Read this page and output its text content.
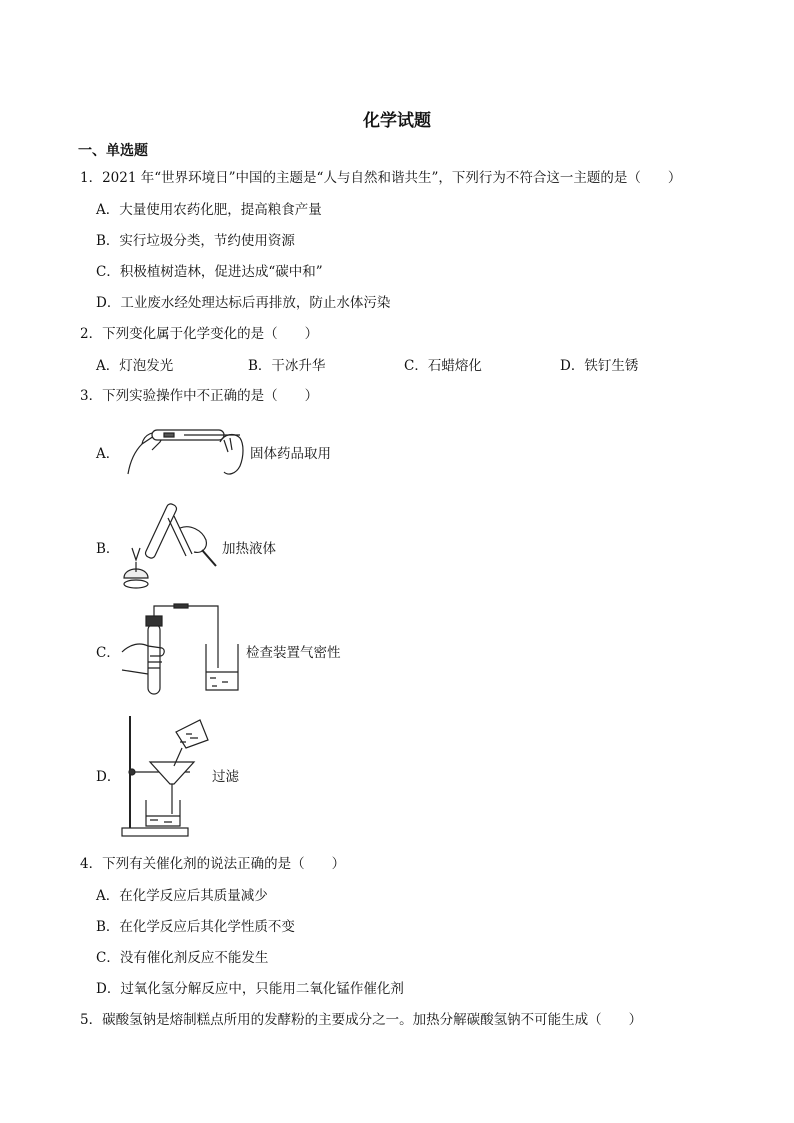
化学试题
一、单选题
1．2021 年“世界环境日”中国的主题是“人与自然和谐共生”，下列行为不符合这一主题的是（　　）
A．大量使用农药化肥，提高粮食产量
B．实行垃圾分类，节约使用资源
C．积极植树造林，促进达成“碳中和”
D．工业废水经处理达标后再排放，防止水体污染
2．下列变化属于化学变化的是（　　）
A．灯泡发光	B．干冰升华	C．石蜡熔化	D．铁钉生锈
3．下列实验操作中不正确的是（　　）
A．	固体药品取用
B．	加热液体
C．	检查装置气密性
D．	过滤
4．下列有关催化剂的说法正确的是（　　）
A．在化学反应后其质量减少
B．在化学反应后其化学性质不变
C．没有催化剂反应不能发生
D．过氧化氢分解反应中，只能用二氧化锰作催化剂
5．碳酸氢钠是熔制糕点所用的发酵粉的主要成分之一。加热分解碳酸氢钠不可能生成（　　）
